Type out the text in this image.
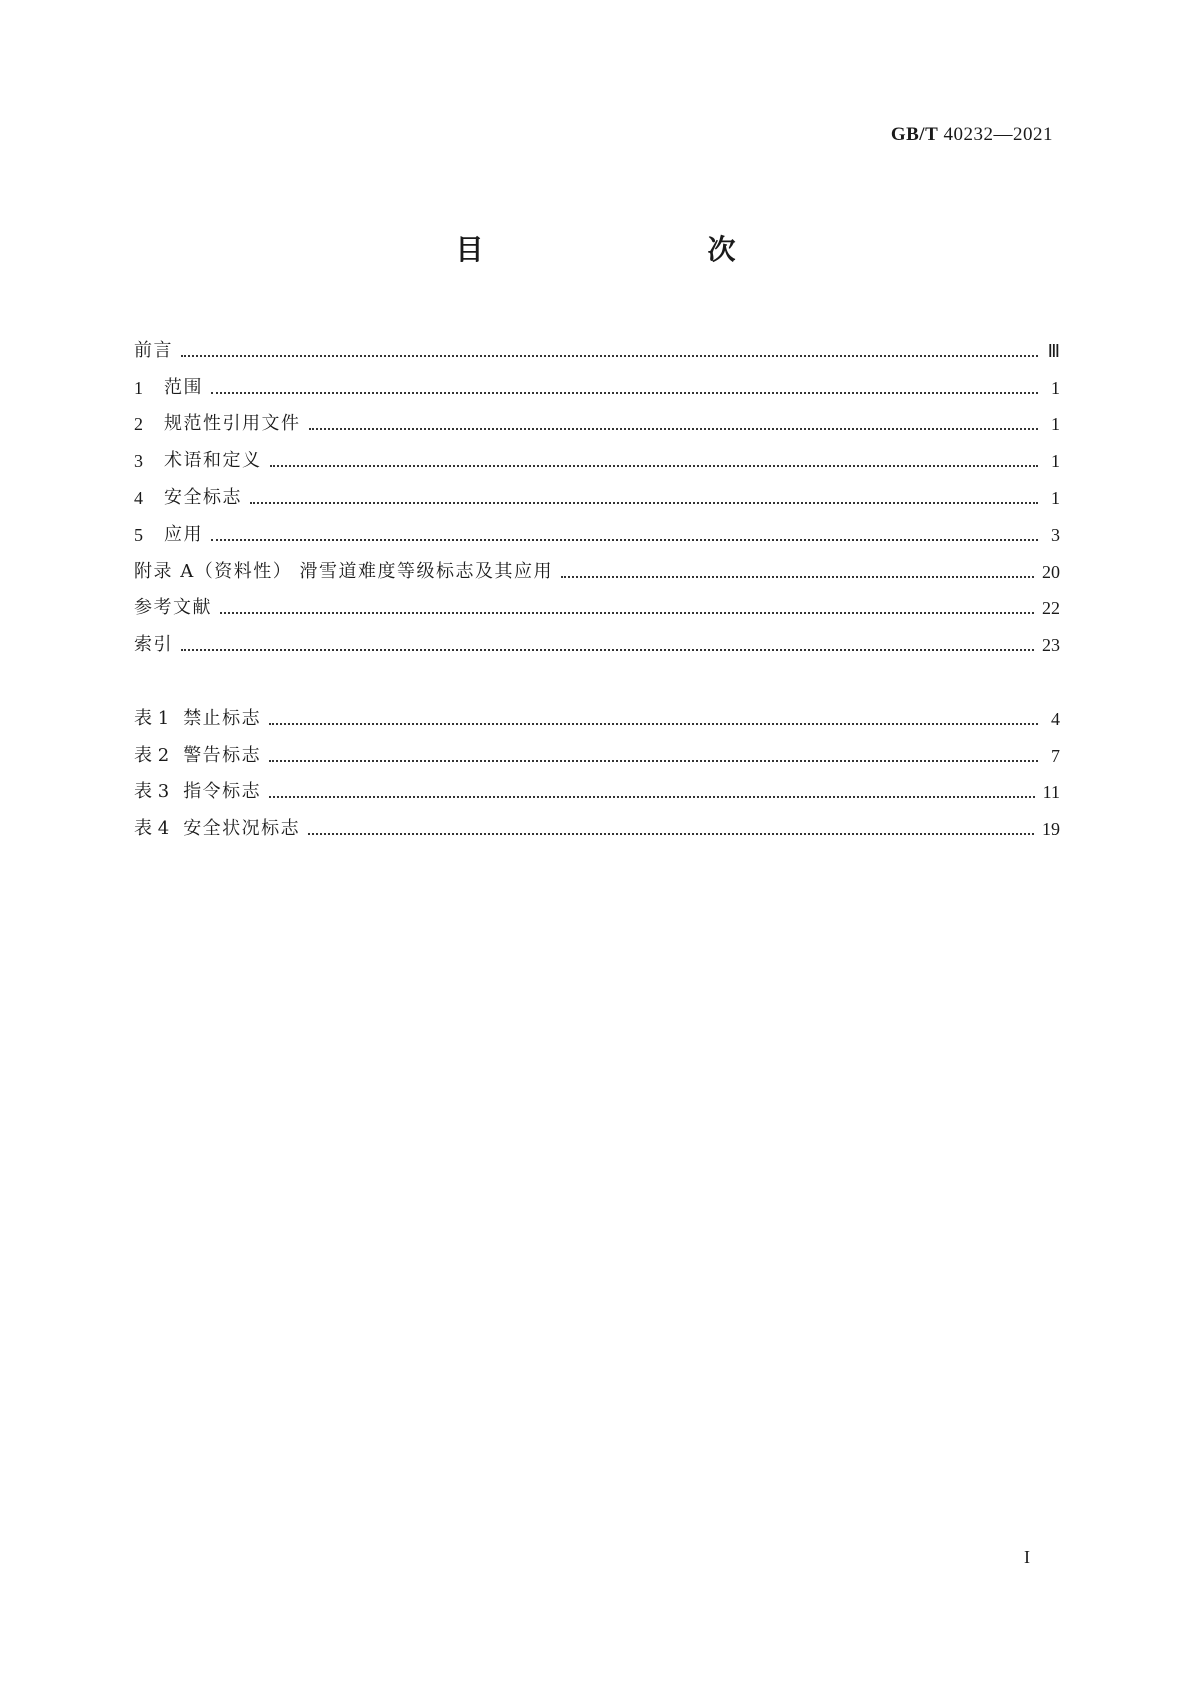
GB/T 40232—2021
目　　次
前言	Ⅲ
1	范围	1
2	规范性引用文件	1
3	术语和定义	1
4	安全标志	1
5	应用	3
附录 A（资料性） 滑雪道难度等级标志及其应用	20
参考文献	22
索引	23
表 1 禁止标志	4
表 2 警告标志	7
表 3 指令标志	11
表 4 安全状况标志	19
I
